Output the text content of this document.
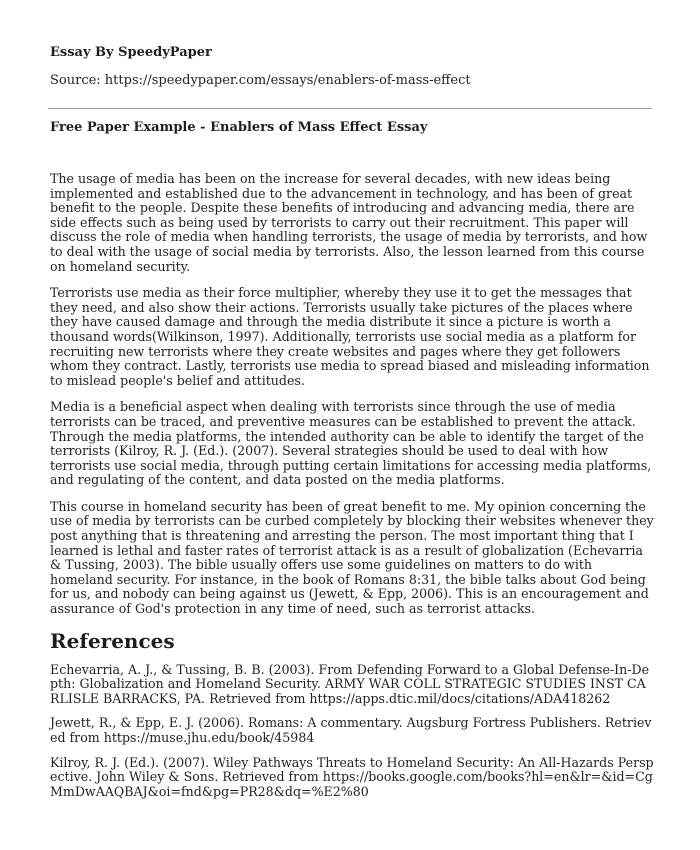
Essay By SpeedyPaper
Source: https://speedypaper.com/essays/enablers-of-mass-effect
Free Paper Example - Enablers of Mass Effect Essay

The usage of media has been on the increase for several decades, with new ideas being implemented and established due to the advancement in technology, and has been of great benefit to the people. Despite these benefits of introducing and advancing media, there are side effects such as being used by terrorists to carry out their recruitment. This paper will discuss the role of media when handling terrorists, the usage of media by terrorists, and how to deal with the usage of social media by terrorists. Also, the lesson learned from this course on homeland security.

Terrorists use media as their force multiplier, whereby they use it to get the messages that they need, and also show their actions. Terrorists usually take pictures of the places where they have caused damage and through the media distribute it since a picture is worth a thousand words(Wilkinson, 1997). Additionally, terrorists use social media as a platform for recruiting new terrorists where they create websites and pages where they get followers whom they contract. Lastly, terrorists use media to spread biased and misleading information to mislead people's belief and attitudes.

Media is a beneficial aspect when dealing with terrorists since through the use of media terrorists can be traced, and preventive measures can be established to prevent the attack. Through the media platforms, the intended authority can be able to identify the target of the terrorists (Kilroy, R. J. (Ed.). (2007). Several strategies should be used to deal with how terrorists use social media, through putting certain limitations for accessing media platforms, and regulating of the content, and data posted on the media platforms.

This course in homeland security has been of great benefit to me. My opinion concerning the use of media by terrorists can be curbed completely by blocking their websites whenever they post anything that is threatening and arresting the person. The most important thing that I learned is lethal and faster rates of terrorist attack is as a result of globalization (Echevarria & Tussing, 2003). The bible usually offers use some guidelines on matters to do with homeland security. For instance, in the book of Romans 8:31, the bible talks about God being for us, and nobody can being against us (Jewett, & Epp, 2006). This is an encouragement and assurance of God's protection in any time of need, such as terrorist attacks.

References
Echevarria, A. J., & Tussing, B. B. (2003). From Defending Forward to a Global Defense-In-Depth: Globalization and Homeland Security. ARMY WAR COLL STRATEGIC STUDIES INST CARLISLE BARRACKS, PA. Retrieved from https://apps.dtic.mil/docs/citations/ADA418262
Jewett, R., & Epp, E. J. (2006). Romans: A commentary. Augsburg Fortress Publishers. Retrieved from https://muse.jhu.edu/book/45984
Kilroy, R. J. (Ed.). (2007). Wiley Pathways Threats to Homeland Security: An All-Hazards Perspective. John Wiley & Sons. Retrieved from https://books.google.com/books?hl=en&lr=&id=CgMmDwAAQBAJ&oi=fnd&pg=PR28&dq=%E2%80
